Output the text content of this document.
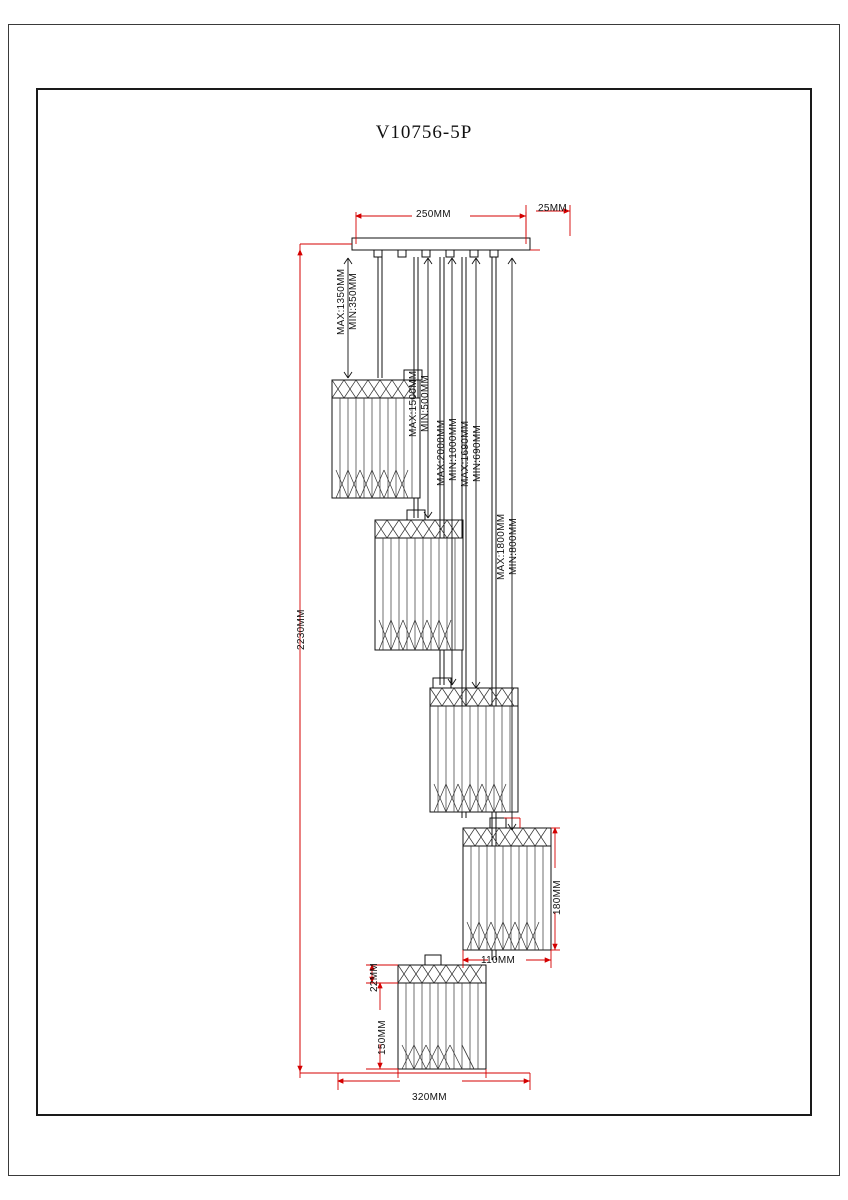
V10756-5P
250MM
25MM
2230MM
320MM
180MM
110MM
22MM
150MM
MAX:1350MM MIN:350MM
MAX:1500MM MIN:500MM
MAX:2000MM MIN:1000MM MAX:1690MM MIN:690MM
MAX:1800MM MIN:800MM
